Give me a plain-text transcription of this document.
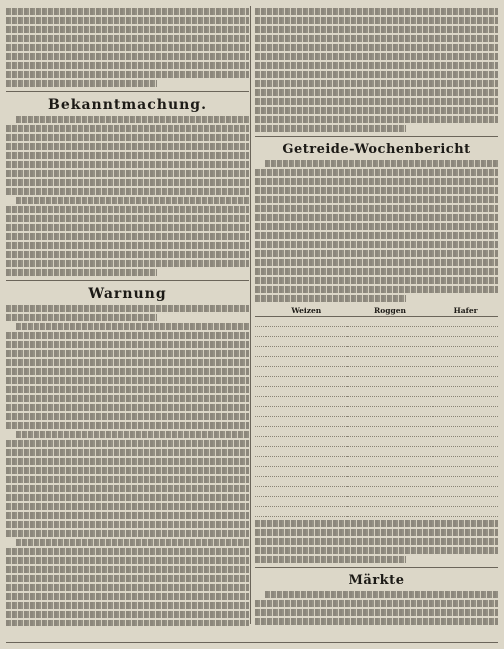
Bekanntmachung.
Warnung
Getreide-Wochenbericht
	Weizen	Roggen	Hafer

Märkte
